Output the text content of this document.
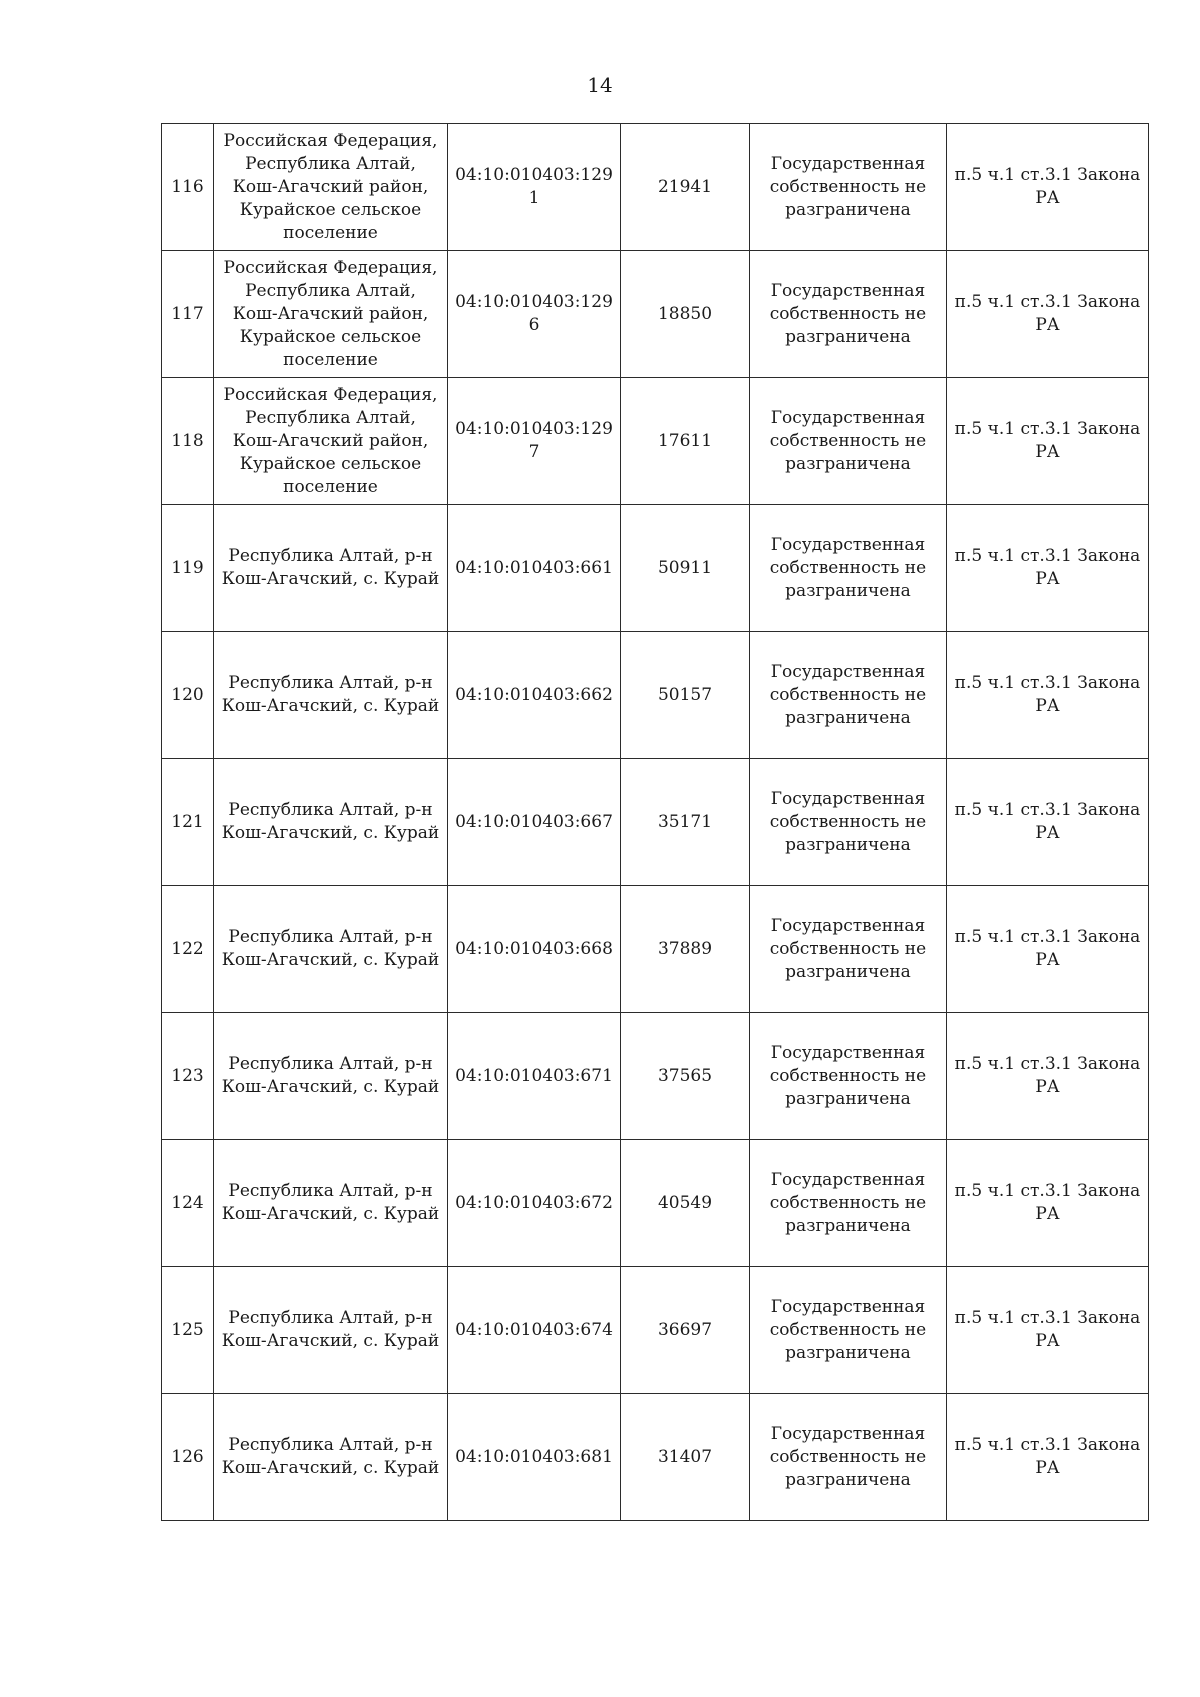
14
116	Российская Федерация, Республика Алтай, Кош-Агачский район, Курайское сельское поселение	04:10:010403:1291	21941	Государственная собственность не разграничена	п.5 ч.1 ст.3.1 Закона РА
117	Российская Федерация, Республика Алтай, Кош-Агачский район, Курайское сельское поселение	04:10:010403:1296	18850	Государственная собственность не разграничена	п.5 ч.1 ст.3.1 Закона РА
118	Российская Федерация, Республика Алтай, Кош-Агачский район, Курайское сельское поселение	04:10:010403:1297	17611	Государственная собственность не разграничена	п.5 ч.1 ст.3.1 Закона РА
119	Республика Алтай, р-н Кош-Агачский, с. Курай	04:10:010403:661	50911	Государственная собственность не разграничена	п.5 ч.1 ст.3.1 Закона РА
120	Республика Алтай, р-н Кош-Агачский, с. Курай	04:10:010403:662	50157	Государственная собственность не разграничена	п.5 ч.1 ст.3.1 Закона РА
121	Республика Алтай, р-н Кош-Агачский, с. Курай	04:10:010403:667	35171	Государственная собственность не разграничена	п.5 ч.1 ст.3.1 Закона РА
122	Республика Алтай, р-н Кош-Агачский, с. Курай	04:10:010403:668	37889	Государственная собственность не разграничена	п.5 ч.1 ст.3.1 Закона РА
123	Республика Алтай, р-н Кош-Агачский, с. Курай	04:10:010403:671	37565	Государственная собственность не разграничена	п.5 ч.1 ст.3.1 Закона РА
124	Республика Алтай, р-н Кош-Агачский, с. Курай	04:10:010403:672	40549	Государственная собственность не разграничена	п.5 ч.1 ст.3.1 Закона РА
125	Республика Алтай, р-н Кош-Агачский, с. Курай	04:10:010403:674	36697	Государственная собственность не разграничена	п.5 ч.1 ст.3.1 Закона РА
126	Республика Алтай, р-н Кош-Агачский, с. Курай	04:10:010403:681	31407	Государственная собственность не разграничена	п.5 ч.1 ст.3.1 Закона РА
